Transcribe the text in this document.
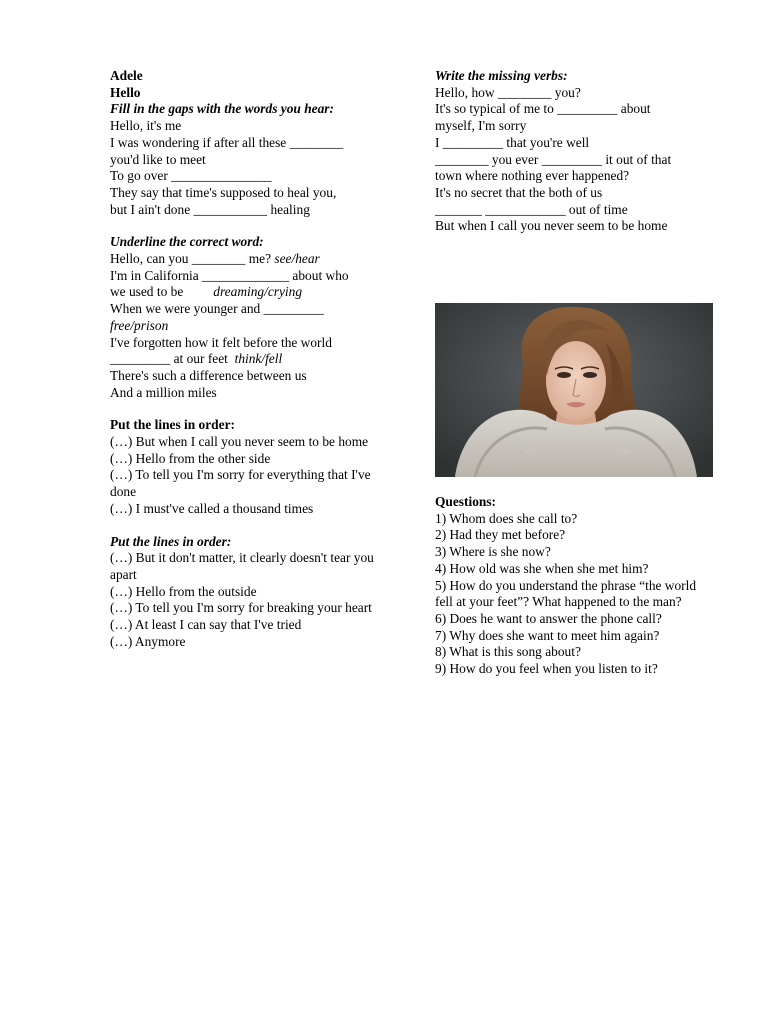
Adele
Hello
Fill in the gaps with the words you hear:
Hello, it's me
I was wondering if after all these ________
you'd like to meet
To go over _______________
They say that time's supposed to heal you,
but I ain't done ___________ healing
Underline the correct word:
Hello, can you ________ me? see/hear
I'm in California _____________ about who
we used to be dreaming/crying
When we were younger and _________
free/prison
I've forgotten how it felt before the world
_________ at our feet think/fell
There's such a difference between us
And a million miles
Put the lines in order:
(…) But when I call you never seem to be home
(…) Hello from the other side
(…) To tell you I'm sorry for everything that I've done
(…) I must've called a thousand times
Put the lines in order:
(…) But it don't matter, it clearly doesn't tear you apart
(…) Hello from the outside
(…) To tell you I'm sorry for breaking your heart
(…) At least I can say that I've tried
(…) Anymore
Write the missing verbs:
Hello, how ________ you?
It's so typical of me to _________ about
myself, I'm sorry
I _________ that you're well
________ you ever _________ it out of that
town where nothing ever happened?
It's no secret that the both of us
_______ ____________ out of time
But when I call you never seem to be home
Questions:
1) Whom does she call to?
2) Had they met before?
3) Where is she now?
4) How old was she when she met him?
5) How do you understand the phrase “the world fell at your feet”? What happened to the man?
6) Does he want to answer the phone call?
7) Why does she want to meet him again?
8) What is this song about?
9) How do you feel when you listen to it?
